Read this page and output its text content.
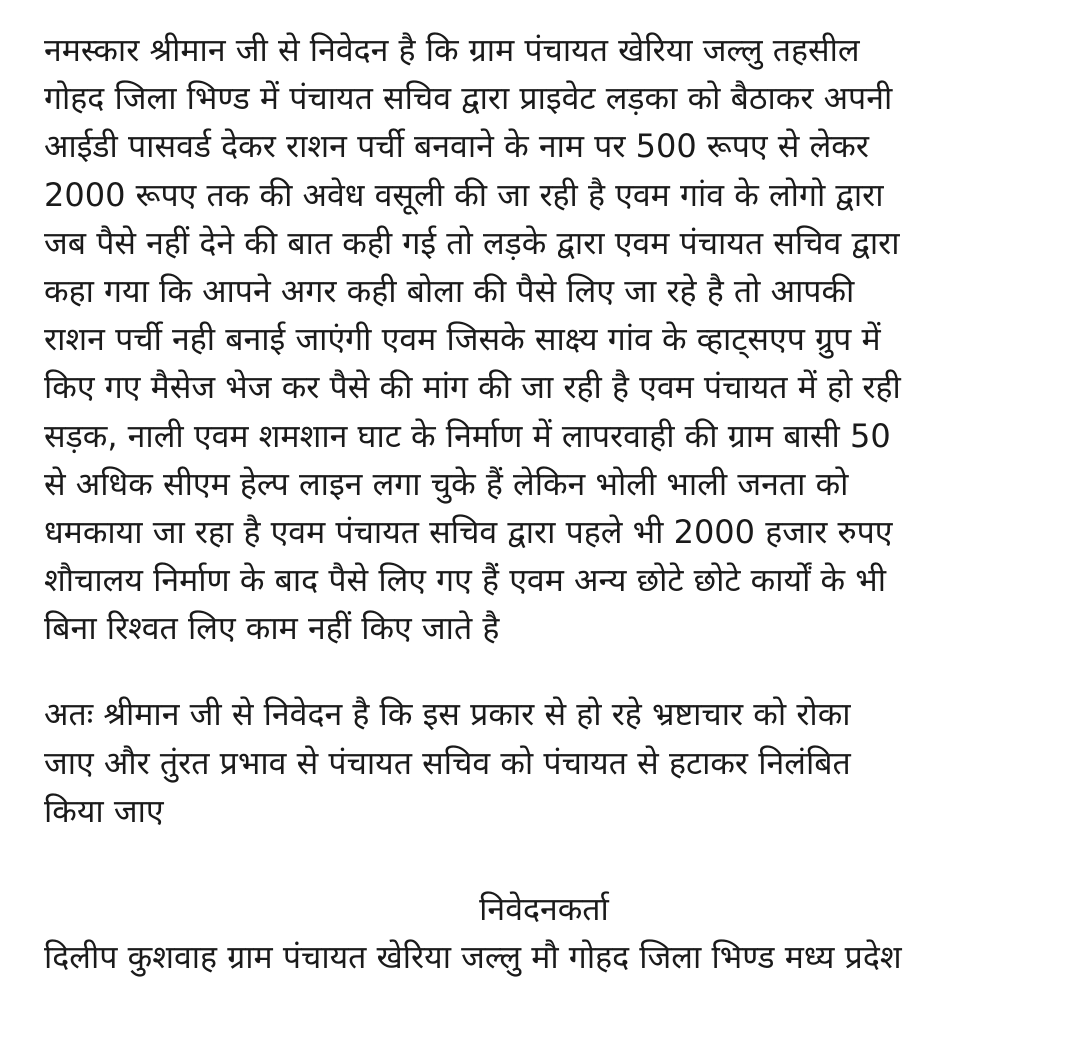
नमस्कार श्रीमान जी से निवेदन है कि ग्राम पंचायत खेरिया जल्लु तहसील
गोहद जिला भिण्ड में पंचायत सचिव द्वारा प्राइवेट लड़का को बैठाकर अपनी
आईडी पासवर्ड देकर राशन पर्ची बनवाने के नाम पर 500 रूपए से लेकर
2000 रूपए तक की अवेध वसूली की जा रही है एवम गांव के लोगो द्वारा
जब पैसे नहीं देने की बात कही गई तो लड़के द्वारा एवम पंचायत सचिव द्वारा
कहा गया कि आपने अगर कही बोला की पैसे लिए जा रहे है तो आपकी
राशन पर्ची नही बनाई जाएंगी एवम जिसके साक्ष्य गांव के व्हाट्सएप ग्रुप में
किए गए मैसेज भेज कर पैसे की मांग की जा रही है एवम पंचायत में हो रही
सड़क, नाली एवम शमशान घाट के निर्माण में लापरवाही की ग्राम बासी 50
से अधिक सीएम हेल्प लाइन लगा चुके हैं लेकिन भोली भाली जनता को
धमकाया जा रहा है एवम पंचायत सचिव द्वारा पहले भी 2000 हजार रुपए
शौचालय निर्माण के बाद पैसे लिए गए हैं एवम अन्य छोटे छोटे कार्यों के भी
बिना रिश्वत लिए काम नहीं किए जाते है
अतः श्रीमान जी से निवेदन है कि इस प्रकार से हो रहे भ्रष्टाचार को रोका
जाए और तुंरत प्रभाव से पंचायत सचिव को पंचायत से हटाकर निलंबित
किया जाए
निवेदनकर्ता
दिलीप कुशवाह ग्राम पंचायत खेरिया जल्लु मौ गोहद जिला भिण्ड मध्य प्रदेश
